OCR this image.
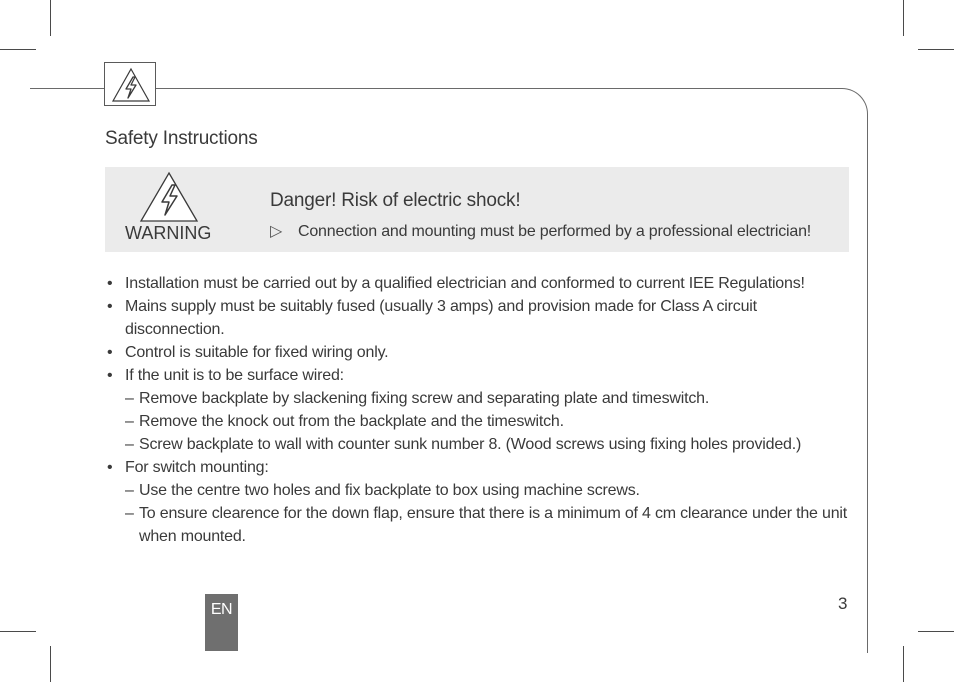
Safety Instructions
WARNING
Danger! Risk of electric shock!
▷ Connection and mounting must be performed by a professional electrician!
• Installation must be carried out by a qualified electrician and conformed to current IEE Regulations!
• Mains supply must be suitably fused (usually 3 amps) and provision made for Class A circuit disconnection.
• Control is suitable for fixed wiring only.
• If the unit is to be surface wired:
– Remove backplate by slackening fixing screw and separating plate and timeswitch.
– Remove the knock out from the backplate and the timeswitch.
– Screw backplate to wall with counter sunk number 8. (Wood screws using fixing holes provided.)
• For switch mounting:
– Use the centre two holes and fix backplate to box using machine screws.
– To ensure clearence for the down flap, ensure that there is a minimum of 4 cm clearance under the unit when mounted.
3
EN
